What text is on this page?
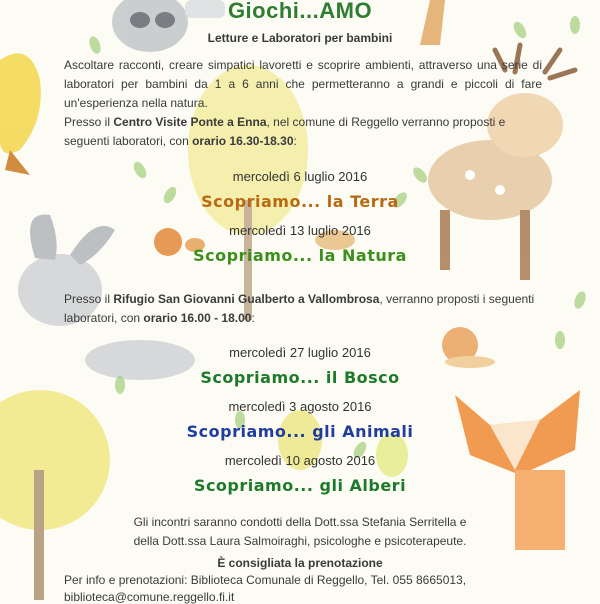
Giochi...AMO
Letture e Laboratori per bambini
Ascoltare racconti, creare simpatici lavoretti e scoprire ambienti, attraverso una serie di laboratori per bambini da 1 a 6 anni che permetteranno a grandi e piccoli di fare un'esperienza nella natura.
Presso il Centro Visite Ponte a Enna, nel comune di Reggello verranno proposti e seguenti laboratori, con orario 16.30-18.30:
mercoledì 6 luglio 2016
Scopriamo... la Terra
mercoledì 13 luglio 2016
Scopriamo... la Natura
Presso il Rifugio San Giovanni Gualberto a Vallombrosa, verranno proposti i seguenti laboratori, con orario 16.00 - 18.00:
mercoledì 27 luglio 2016
Scopriamo... il Bosco
mercoledì 3 agosto 2016
Scopriamo... gli Animali
mercoledì 10 agosto 2016
Scopriamo... gli Alberi
Gli incontri saranno condotti della Dott.ssa Stefania Serritella e
della Dott.ssa Laura Salmoiraghi, psicologhe e psicoterapeute.
È consigliata la prenotazione
Per info e prenotazioni: Biblioteca Comunale di Reggello, Tel. 055 8665013,
biblioteca@comune.reggello.fi.it
